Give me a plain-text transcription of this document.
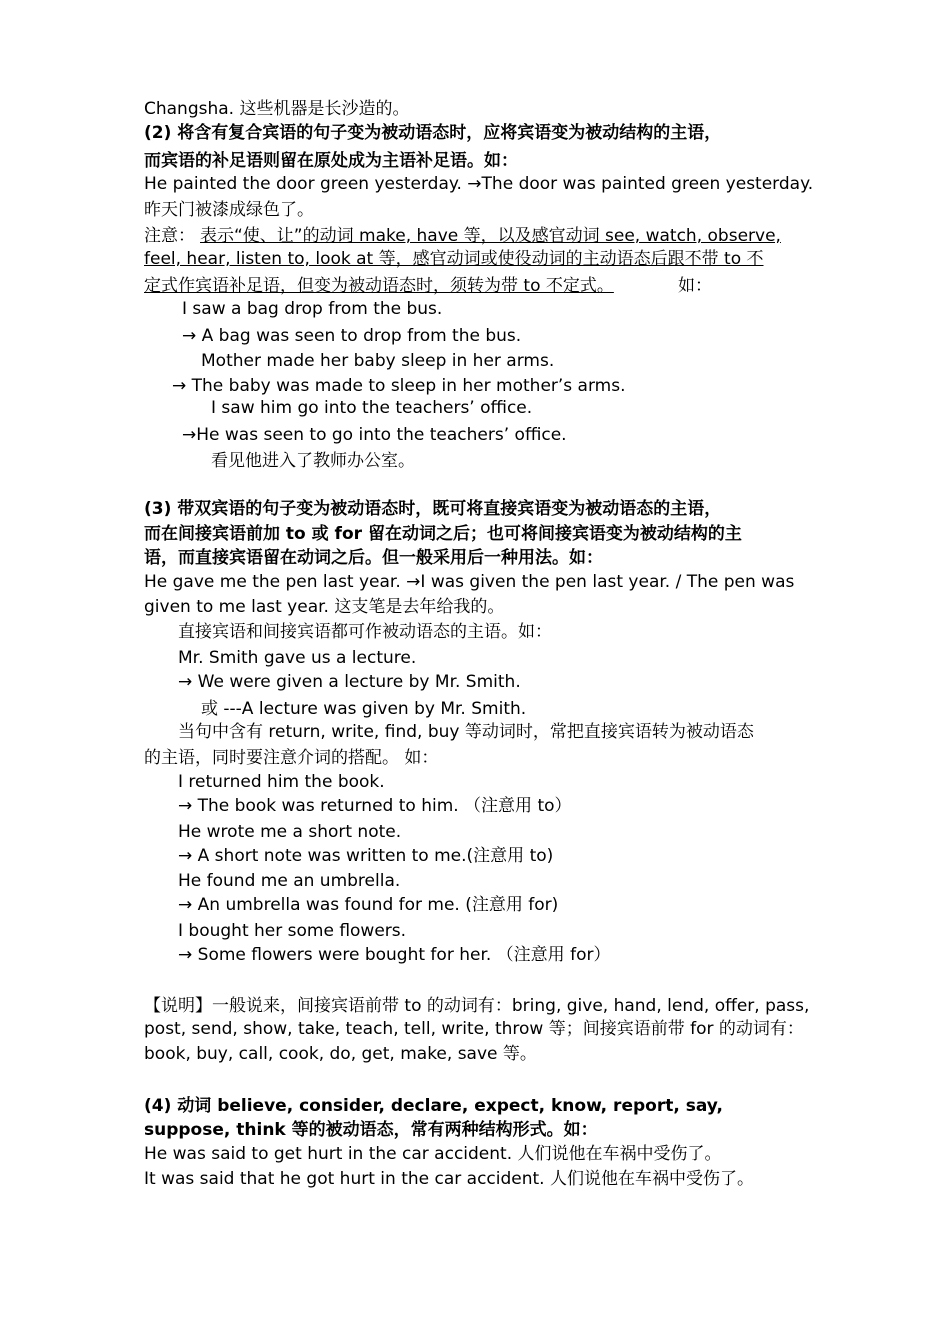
Changsha. 这些机器是长沙造的。
(2) 将含有复合宾语的句子变为被动语态时，应将宾语变为被动结构的主语，
而宾语的补足语则留在原处成为主语补足语。如：
He painted the door green yesterday. →The door was painted green yesterday.
昨天门被漆成绿色了。
注意： 表示“使、让”的动词 make, have 等，以及感官动词 see, watch, observe,
feel, hear, listen to, look at 等，感官动词或使役动词的主动语态后跟不带 to 不
定式作宾语补足语，但变为被动语态时，须转为带 to 不定式。	如：
I saw a bag drop from the bus.
→ A bag was seen to drop from the bus.
Mother made her baby sleep in her arms.
→ The baby was made to sleep in her mother’s arms.
I saw him go into the teachers’ office.
→He was seen to go into the teachers’ office.
看见他进入了教师办公室。
(3) 带双宾语的句子变为被动语态时，既可将直接宾语变为被动语态的主语，
而在间接宾语前加 to 或 for 留在动词之后；也可将间接宾语变为被动结构的主
语，而直接宾语留在动词之后。但一般采用后一种用法。如：
He gave me the pen last year. →I was given the pen last year. / The pen was
given to me last year. 这支笔是去年给我的。
直接宾语和间接宾语都可作被动语态的主语。如：
Mr. Smith gave us a lecture.
→ We were given a lecture by Mr. Smith.
或 ---A lecture was given by Mr. Smith.
当句中含有 return, write, find, buy 等动词时，常把直接宾语转为被动语态
的主语，同时要注意介词的搭配。 如：
I returned him the book.
→ The book was returned to him. （注意用 to）
He wrote me a short note.
→ A short note was written to me.(注意用 to)
He found me an umbrella.
→ An umbrella was found for me. (注意用 for)
I bought her some flowers.
→ Some flowers were bought for her. （注意用 for）
【说明】一般说来，间接宾语前带 to 的动词有：bring, give, hand, lend, offer, pass,
post, send, show, take, teach, tell, write, throw 等；间接宾语前带 for 的动词有：
book, buy, call, cook, do, get, make, save 等。
(4) 动词 believe, consider, declare, expect, know, report, say,
suppose, think 等的被动语态，常有两种结构形式。如：
He was said to get hurt in the car accident. 人们说他在车祸中受伤了。
It was said that he got hurt in the car accident. 人们说他在车祸中受伤了。
